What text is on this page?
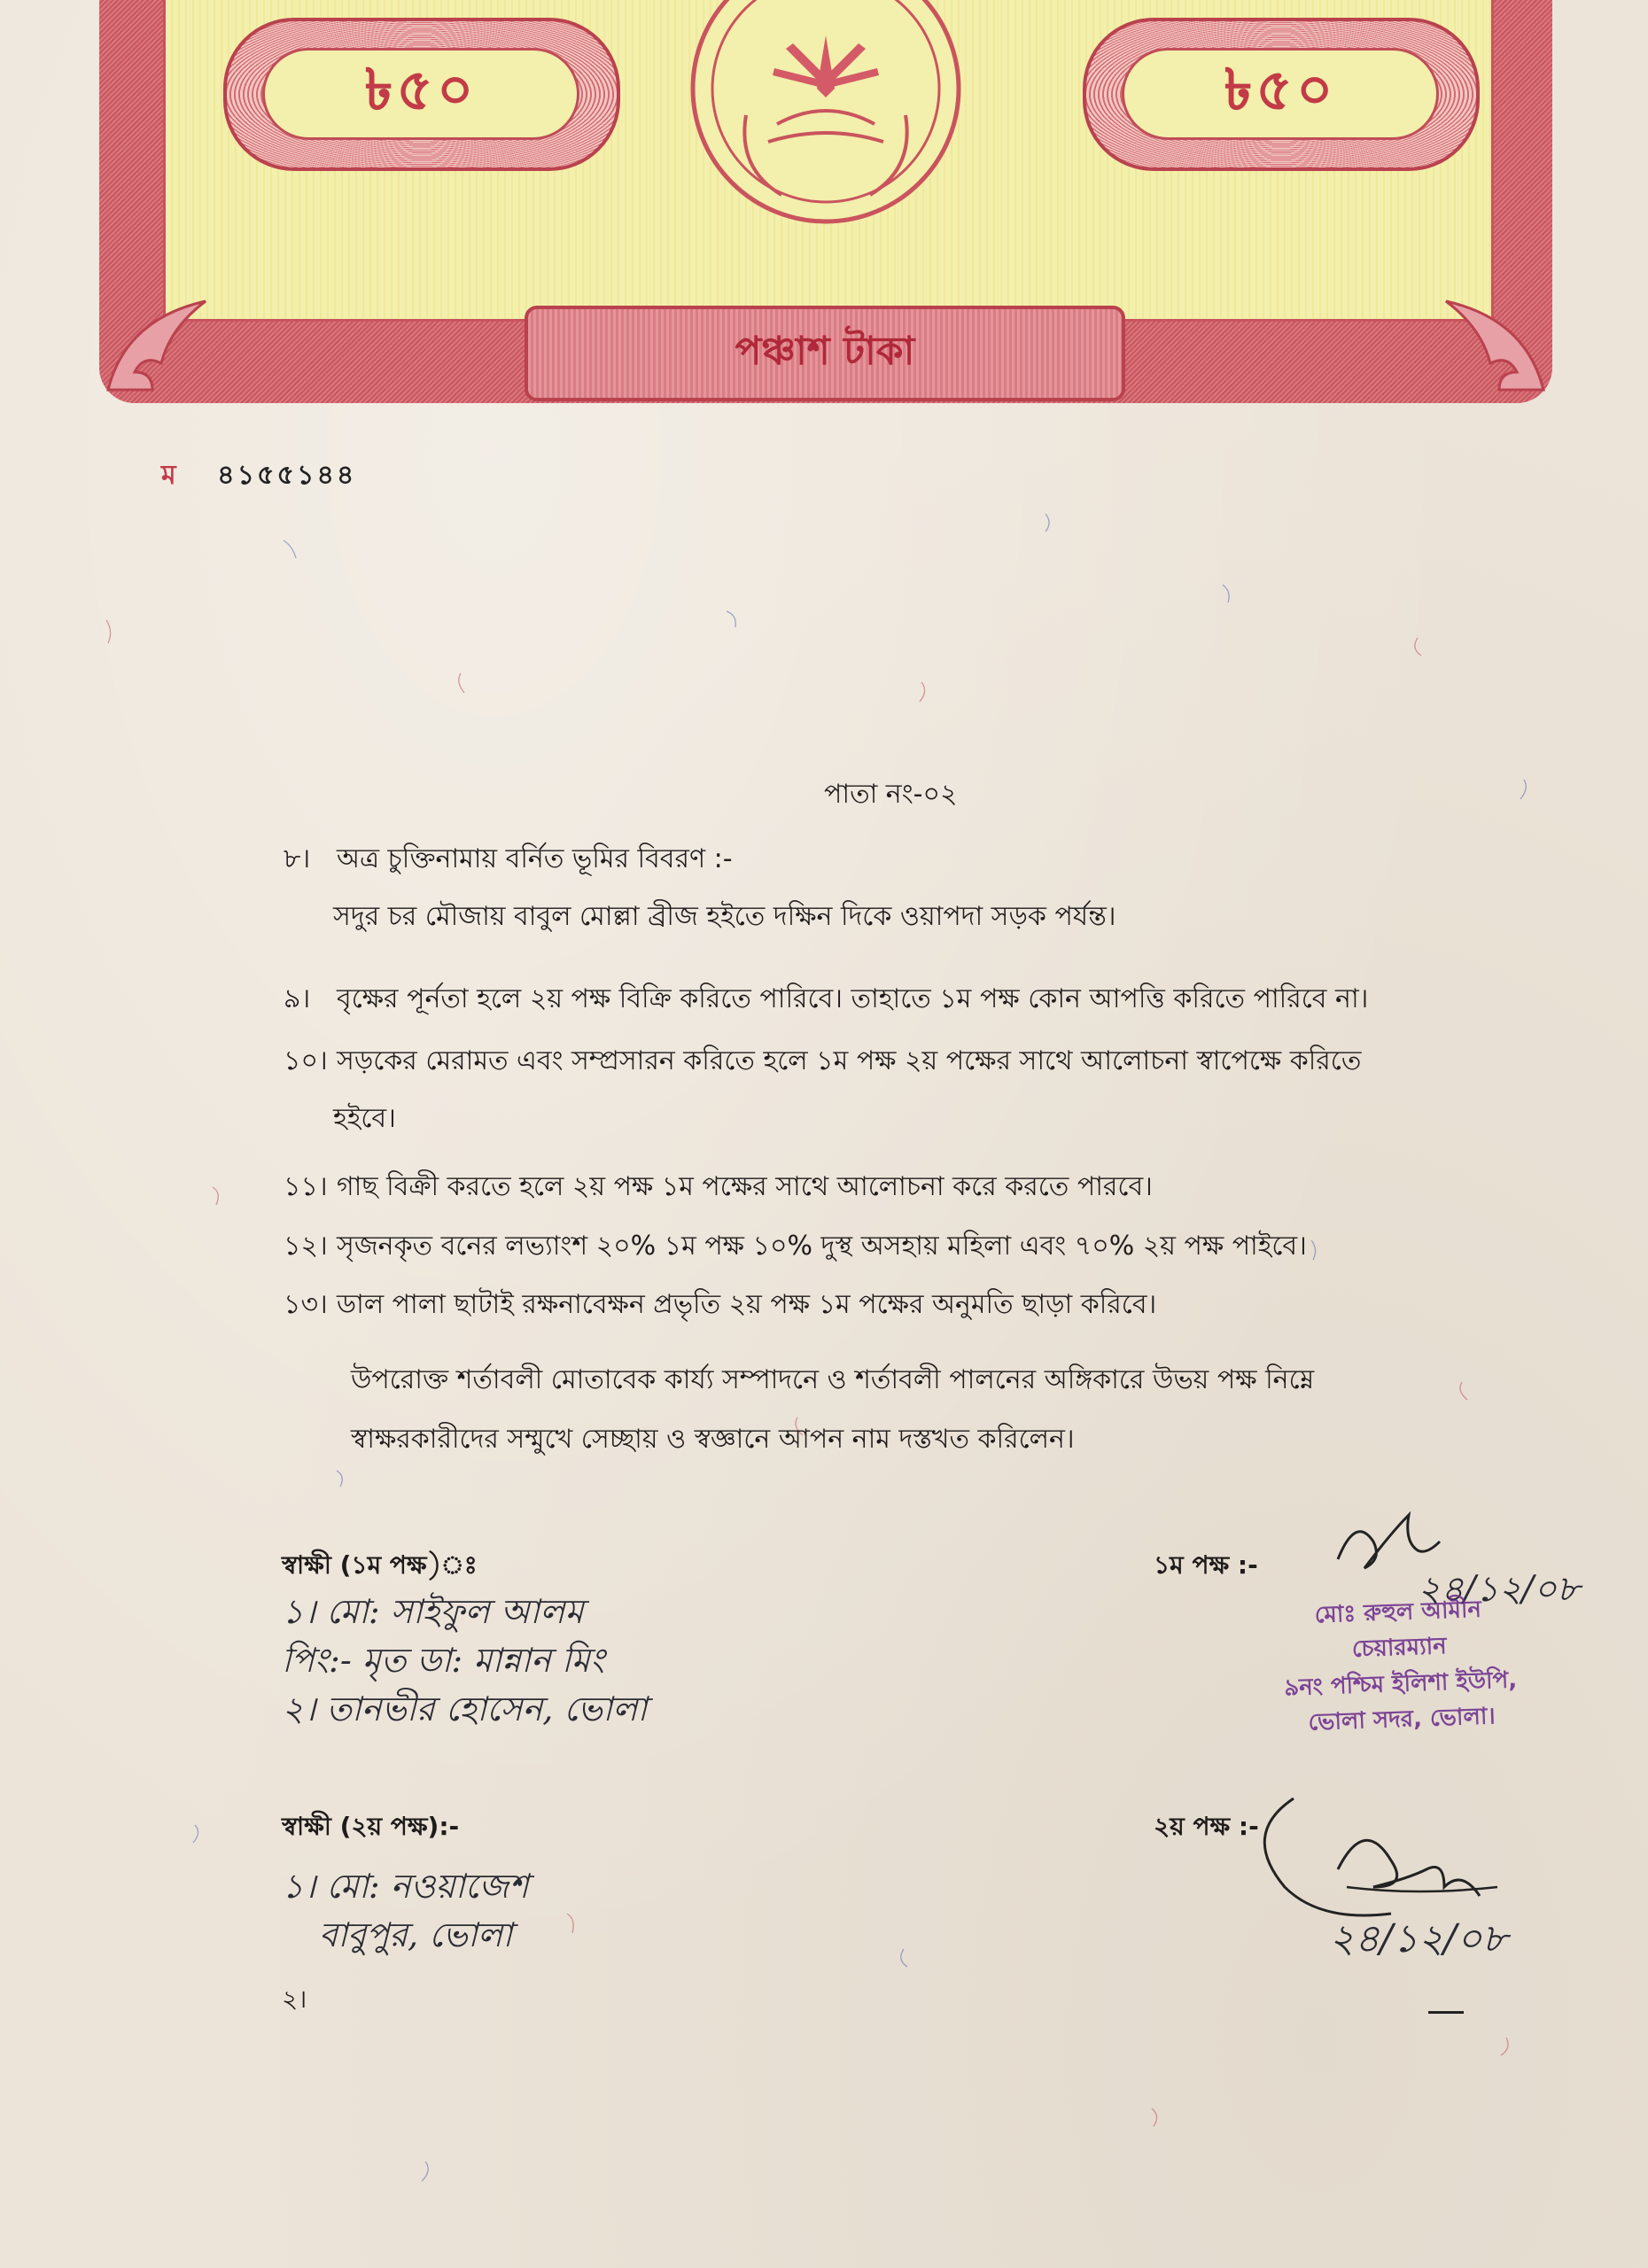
৳৫০	৳৫০
পঞ্চাশ টাকা
ম ৪১৫৫১৪৪
পাতা নং-০২
৮। অত্র চুক্তিনামায় বর্নিত ভূমির বিবরণ :-
সদুর চর মৌজায় বাবুল মোল্লা ব্রীজ হইতে দক্ষিন দিকে ওয়াপদা সড়ক পর্যন্ত।
৯। বৃক্ষের পূর্নতা হলে ২য় পক্ষ বিক্রি করিতে পারিবে। তাহাতে ১ম পক্ষ কোন আপত্তি করিতে পারিবে না।
১০। সড়কের মেরামত এবং সম্প্রসারন করিতে হলে ১ম পক্ষ ২য় পক্ষের সাথে আলোচনা স্বাপেক্ষে করিতে
হইবে।
১১। গাছ বিক্রী করতে হলে ২য় পক্ষ ১ম পক্ষের সাথে আলোচনা করে করতে পারবে।
১২। সৃজনকৃত বনের লভ্যাংশ ২০% ১ম পক্ষ ১০% দুস্থ অসহায় মহিলা এবং ৭০% ২য় পক্ষ পাইবে।
১৩। ডাল পালা ছাটাই রক্ষনাবেক্ষন প্রভৃতি ২য় পক্ষ ১ম পক্ষের অনুমতি ছাড়া করিবে।
উপরোক্ত শর্তাবলী মোতাবেক কার্য্য সম্পাদনে ও শর্তাবলী পালনের অঙ্গিকারে উভয় পক্ষ নিম্নে
স্বাক্ষরকারীদের সম্মুখে সেচ্ছায় ও স্বজ্ঞানে আপন নাম দস্তখত করিলেন।
স্বাক্ষী (১ম পক্ষ)ঃ
১। মো: সাইফুল আলম
পিং:- মৃত ডা: মান্নান মিং
২। তানভীর হোসেন, ভোলা
১ম পক্ষ :-
২৪/১২/০৮
মোঃ রুহুল আমীন
চেয়ারম্যান
৯নং পশ্চিম ইলিশা ইউপি,
ভোলা সদর, ভোলা।
স্বাক্ষী (২য় পক্ষ):-
১। মো: নওয়াজেশ
বাবুপুর, ভোলা
২।
২য় পক্ষ :-
২৪/১২/০৮
